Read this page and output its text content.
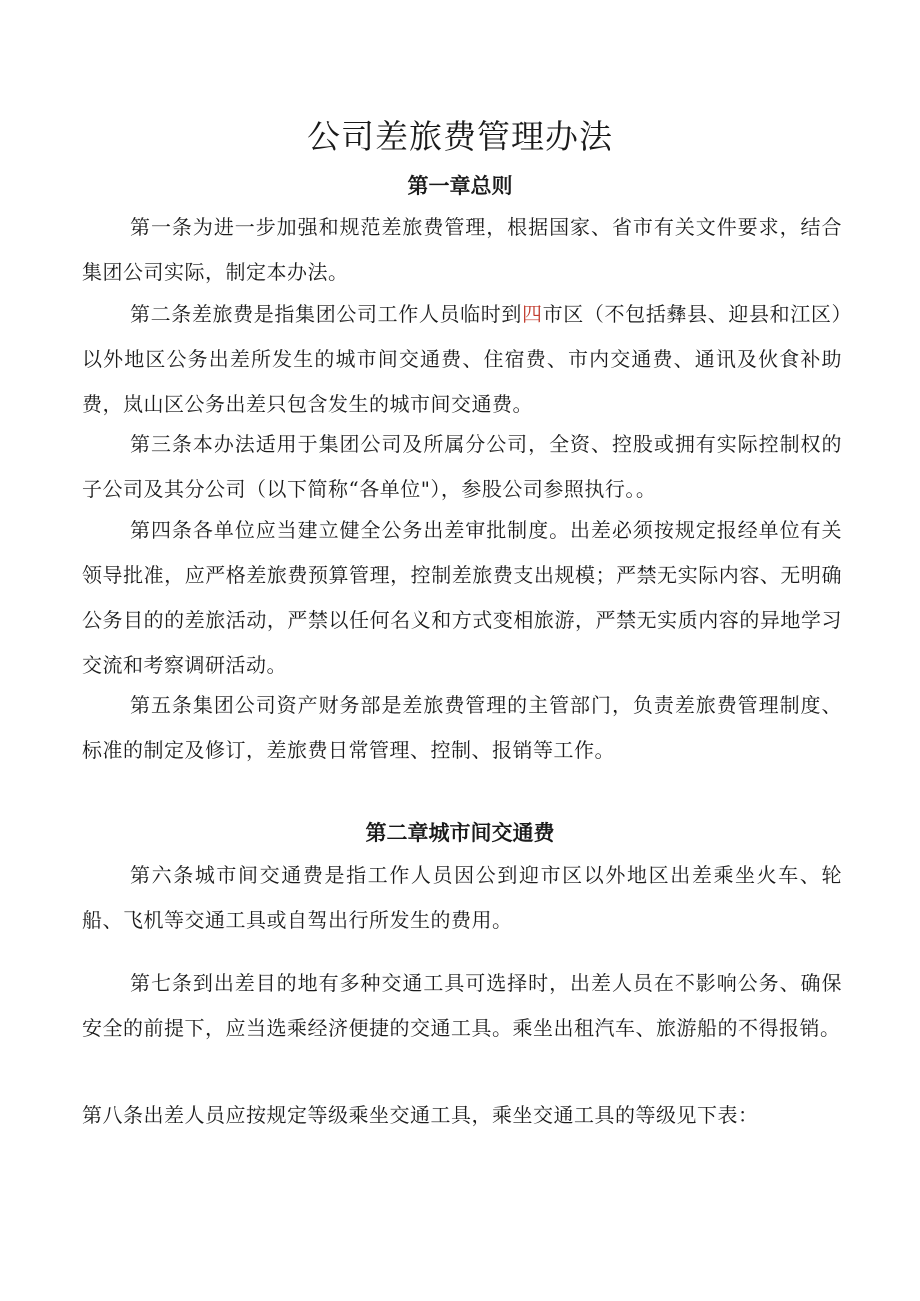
公司差旅费管理办法
第一章总则

第一条为进一步加强和规范差旅费管理，根据国家、省市有关文件要求，结合集团公司实际，制定本办法。

第二条差旅费是指集团公司工作人员临时到四市区（不包括彝县、迎县和江区）以外地区公务出差所发生的城市间交通费、住宿费、市内交通费、通讯及伙食补助费，岚山区公务出差只包含发生的城市间交通费。

第三条本办法适用于集团公司及所属分公司，全资、控股或拥有实际控制权的子公司及其分公司（以下简称“各单位"），参股公司参照执行。。

第四条各单位应当建立健全公务出差审批制度。出差必须按规定报经单位有关领导批准，应严格差旅费预算管理，控制差旅费支出规模；严禁无实际内容、无明确公务目的的差旅活动，严禁以任何名义和方式变相旅游，严禁无实质内容的异地学习交流和考察调研活动。

第五条集团公司资产财务部是差旅费管理的主管部门，负责差旅费管理制度、标准的制定及修订，差旅费日常管理、控制、报销等工作。

第二章城市间交通费

第六条城市间交通费是指工作人员因公到迎市区以外地区出差乘坐火车、轮船、飞机等交通工具或自驾出行所发生的费用。

第七条到出差目的地有多种交通工具可选择时，出差人员在不影响公务、确保安全的前提下，应当选乘经济便捷的交通工具。乘坐出租汽车、旅游船的不得报销。

第八条出差人员应按规定等级乘坐交通工具，乘坐交通工具的等级见下表：
